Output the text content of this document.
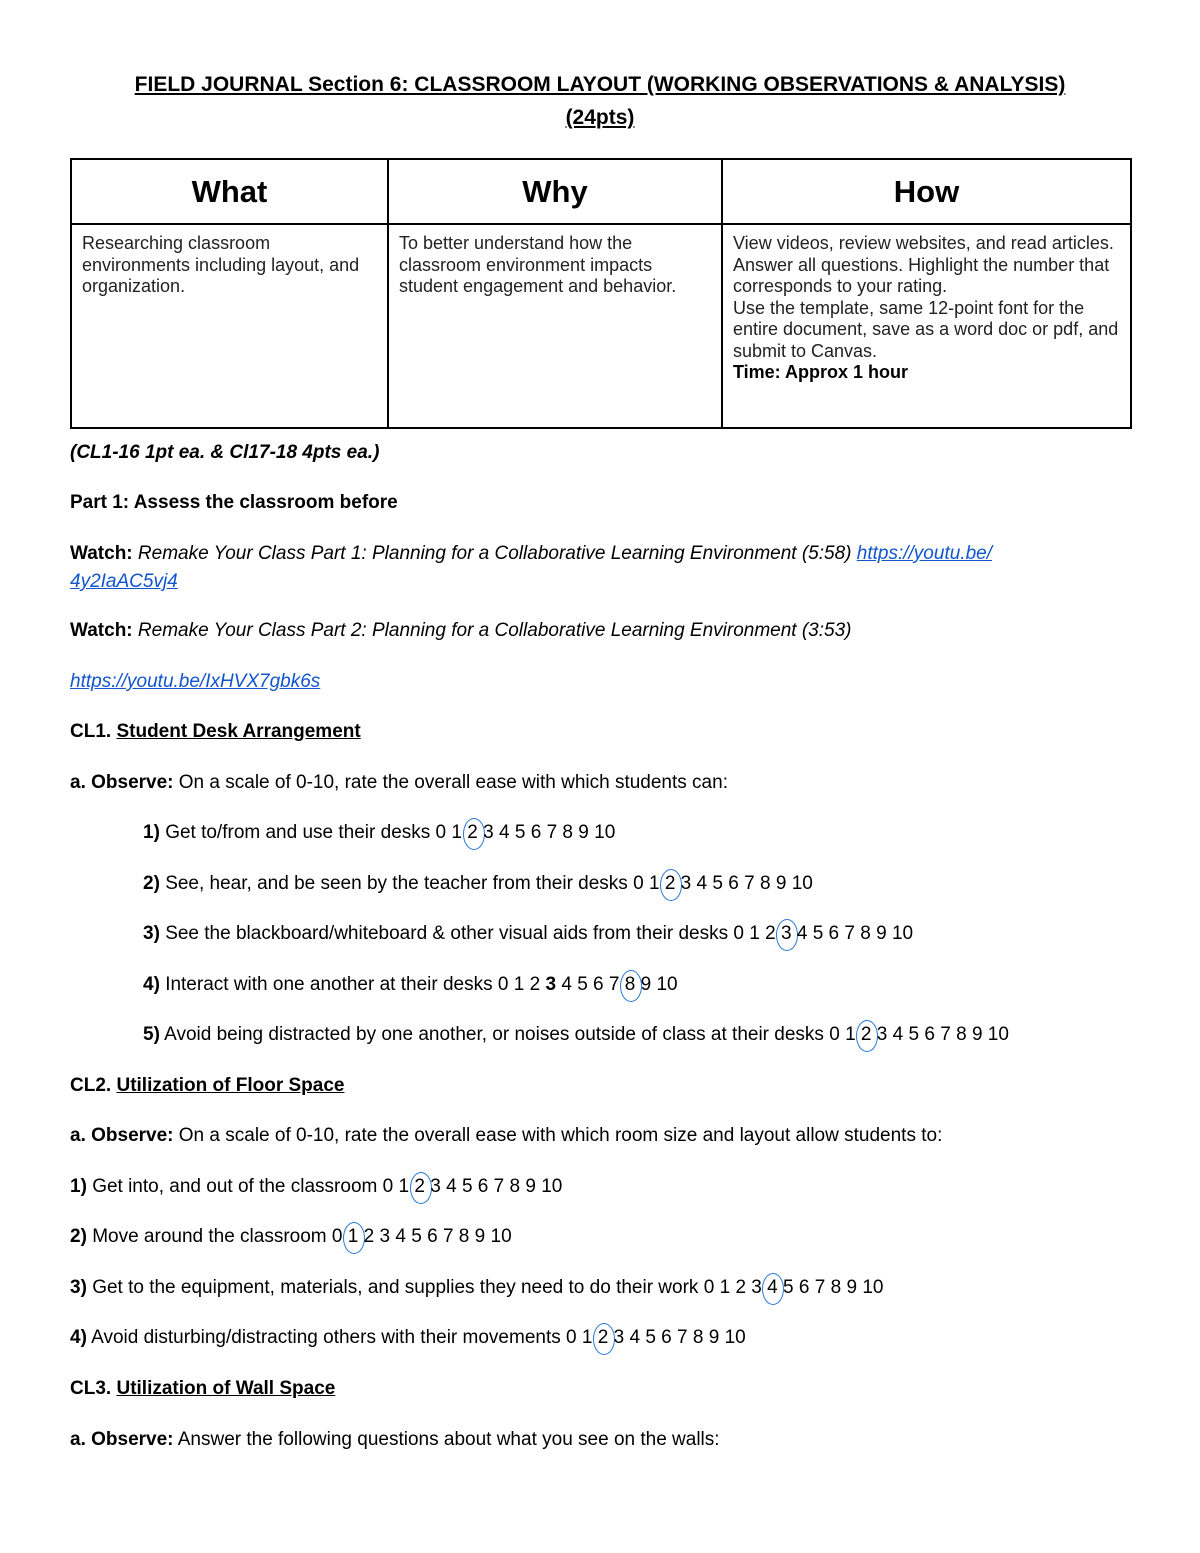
FIELD JOURNAL Section 6: CLASSROOM LAYOUT (WORKING OBSERVATIONS & ANALYSIS)
(24pts)
What	Why	How
Researching classroom environments including layout, and organization.	To better understand how the classroom environment impacts student engagement and behavior.	View videos, review websites, and read articles.
Answer all questions. Highlight the number that corresponds to your rating.
Use the template, same 12-point font for the entire document, save as a word doc or pdf, and submit to Canvas.
Time: Approx 1 hour
(CL1-16 1pt ea. & Cl17-18 4pts ea.)
Part 1: Assess the classroom before
Watch: Remake Your Class Part 1: Planning for a Collaborative Learning Environment (5:58) https://youtu.be/
4y2IaAC5vj4
Watch: Remake Your Class Part 2: Planning for a Collaborative Learning Environment (3:53)
https://youtu.be/IxHVX7gbk6s
CL1. Student Desk Arrangement
a. Observe: On a scale of 0-10, rate the overall ease with which students can:
1) Get to/from and use their desks 0 1 2 3 4 5 6 7 8 9 10
2) See, hear, and be seen by the teacher from their desks 0 1 2 3 4 5 6 7 8 9 10
3) See the blackboard/whiteboard & other visual aids from their desks 0 1 2 3 4 5 6 7 8 9 10
4) Interact with one another at their desks 0 1 2 3 4 5 6 7 8 9 10
5) Avoid being distracted by one another, or noises outside of class at their desks 0 1 2 3 4 5 6 7 8 9 10
CL2. Utilization of Floor Space
a. Observe: On a scale of 0-10, rate the overall ease with which room size and layout allow students to:
1) Get into, and out of the classroom 0 1 2 3 4 5 6 7 8 9 10
2) Move around the classroom 0 1 2 3 4 5 6 7 8 9 10
3) Get to the equipment, materials, and supplies they need to do their work 0 1 2 3 4 5 6 7 8 9 10
4) Avoid disturbing/distracting others with their movements 0 1 2 3 4 5 6 7 8 9 10
CL3. Utilization of Wall Space
a. Observe: Answer the following questions about what you see on the walls:
